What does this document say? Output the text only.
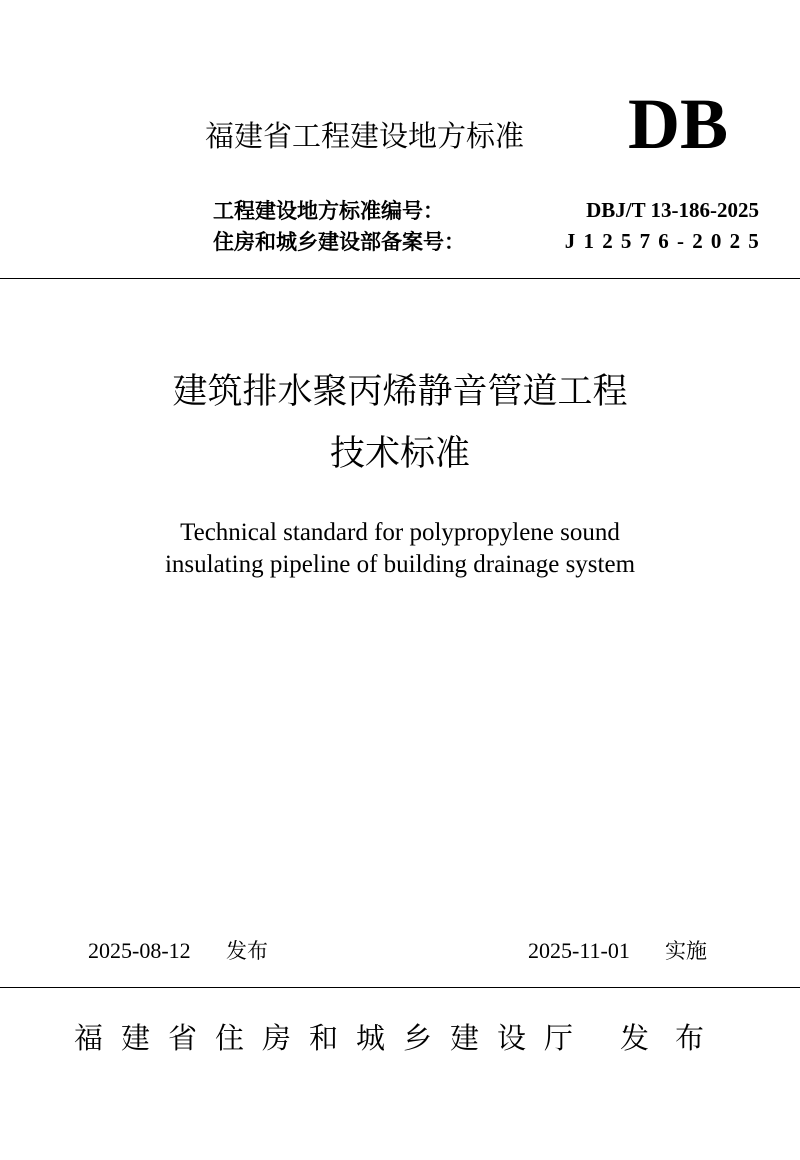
福建省工程建设地方标准 DB
工程建设地方标准编号：	DBJ/T 13-186-2025
住房和城乡建设部备案号：	J12576-2025
建筑排水聚丙烯静音管道工程
技术标准
Technical standard for polypropylene sound
insulating pipeline of building drainage system
2025-08-12 发布	2025-11-01 实施
福建省住房和城乡建设厅 发布
